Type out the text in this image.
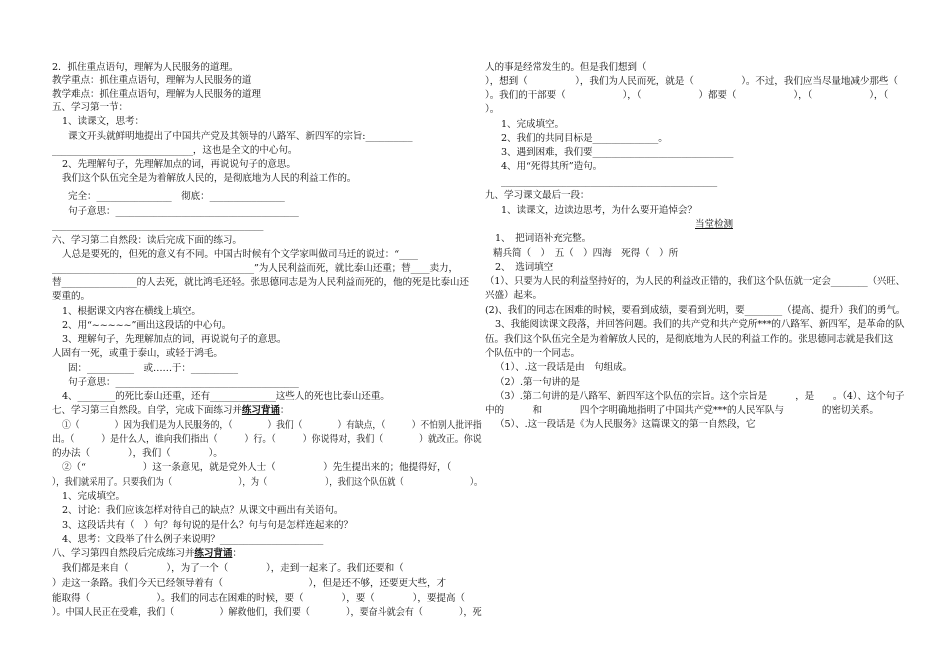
2．抓住重点语句，理解为人民服务的道理。
教学重点：抓住重点语句，理解为人民服务的道
教学难点：抓住重点语句，理解为人民服务的道理
五、学习第一节：
1、读课文，思考：
课文开头就鲜明地提出了中国共产党及其领导的八路军、新四军的宗旨:__________
______________________________，这也是全文的中心句。
2、先理解句子，先理解加点的词，再说说句子的意思。
我们这个队伍完全是为着解放人民的，是彻底地为人民的利益工作的。
完全：________________　彻底：________________
句子意思：_______________________________________
_____________________________________________
六、学习第二自然段：读后完成下面的练习。
人总是要死的，但死的意义有不同。中国古时候有个文学家叫做司马迁的说过：“____
___________________________________________”为人民利益而死，就比泰山还重；替____卖力，
替________________的人去死，就比鸿毛还轻。张思德同志是为人民利益而死的，他的死是比泰山还
要重的。
1、根据课文内容在横线上填空。
2、用“~~~~~”画出这段话的中心句。
3、理解句子，先理解加点的词，再说说句子的意思。
人固有一死，或重于泰山，或轻于鸿毛。
固：__________　或……于：__________
句子意思：_______________________________________
4、________的死比泰山还重，还有______________这些人的死也比泰山还重。
七、学习第三自然段。自学，完成下面练习并练习背诵：
①（　　　　）因为我们是为人民服务的，（　　　　）我们（　　　　）有缺点，（　　　）不怕别人批评指
出。（　　　）是什么人，谁向我们指出（　　　）行。（　　　）你说得对，我们（　　　　）就改正。你说
的办法（　　　　），我们（　　　　）。
②（“　　　　　　）这一条意见，就是党外人士（　　　　　）先生提出来的；他提得好，（　　
），我们就采用了。只要我们为（　　　　　　　　），为（　　　　　　　），我们这个队伍就（　　　　　　　　）。
1、完成填空。
2、讨论：我们应该怎样对待自己的缺点？从课文中画出有关语句。
3、这段话共有（　）句？每句说的是什么？句与句是怎样连起来的？
4、思考：文段举了什么例子来说明？______________________
八、学习第四自然段后完成练习并练习背诵：
我们都是来自（　　　　），为了一个（　　　　），走到一起来了。我们还要和（　　　　
）走这一条路。我们今天已经领导着有（　　　　　　　　　），但是还不够，还要更大些，才
能取得（　　　　　　　）。我们的同志在困难的时候，要（　　　　），要（　　　　），要提高（　
）。中国人民正在受难，我们（　　　　　）解救他们，我们要（　　　　），要奋斗就会有（　　　　），死
人的事是经常发生的。但是我们想到（
），想到（　　　　　），我们为人民而死，就是（　　　　　）。不过，我们应当尽量地减少那些（
）。我们的干部要（　　　　　　），（　　　　　　）都要（　　　　　　），（　　　　　　），（
）。
1、完成填空。
2、我们的共同目标是______________。
3、遇到困难，我们要______________________________
4、用“死得其所”造句。
______________________________________________
九、学习课文最后一段：
1、读课文，边读边思考，为什么要开追悼会？
当堂检测
1、　把词语补充完整。
精兵简（　）　五（　）四海　死得（　）所
2、　选词填空
（1）、只要为人民的利益坚持好的，为人民的利益改正错的，我们这个队伍就一定会________（兴旺、
兴盛）起来。
(2)、我们的同志在困难的时候，要看到成绩，要看到光明，要________（提高、提升）我们的勇气。
3、我能阅读课文段落，并回答问题。我们的共产党和共产党所***的八路军、新四军，是革命的队
伍。我们这个队伍完全是为着解放人民的，是彻底地为人民的利益工作的。张思德同志就是我们这
个队伍中的一个同志。
（1）、.这一段话是由　句组成。
（2）.第一句讲的是
（3）.第二句讲的是八路军、新四军这个队伍的宗旨。这个宗旨是　　　，是　　。（4）、这个句子
中的　　　和　　　　四个字明确地指明了中国共产党***的人民军队与　　　　的密切关系。
（5）、.这一段话是《为人民服务》这篇课文的第一自然段，它
